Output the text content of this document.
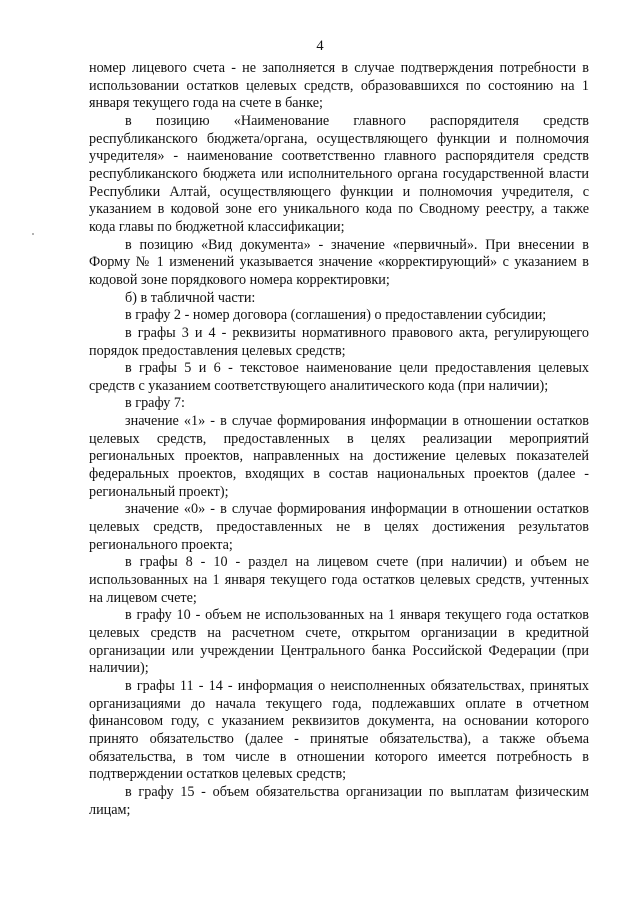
4

номер лицевого счета - не заполняется в случае подтверждения потребности в использовании остатков целевых средств, образовавшихся по состоянию на 1 января текущего года на счете в банке;

в позицию «Наименование главного распорядителя средств республиканского бюджета/органа, осуществляющего функции и полномочия учредителя» - наименование соответственно главного распорядителя средств республиканского бюджета или исполнительного органа государственной власти Республики Алтай, осуществляющего функции и полномочия учредителя, с указанием в кодовой зоне его уникального кода по Сводному реестру, а также кода главы по бюджетной классификации;

в позицию «Вид документа» - значение «первичный». При внесении в Форму № 1 изменений указывается значение «корректирующий» с указанием в кодовой зоне порядкового номера корректировки;

б) в табличной части:

в графу 2 - номер договора (соглашения) о предоставлении субсидии;

в графы 3 и 4 - реквизиты нормативного правового акта, регулирующего порядок предоставления целевых средств;

в графы 5 и 6 - текстовое наименование цели предоставления целевых средств с указанием соответствующего аналитического кода (при наличии);

в графу 7:

значение «1» - в случае формирования информации в отношении остатков целевых средств, предоставленных в целях реализации мероприятий региональных проектов, направленных на достижение целевых показателей федеральных проектов, входящих в состав национальных проектов (далее - региональный проект);

значение «0» - в случае формирования информации в отношении остатков целевых средств, предоставленных не в целях достижения результатов регионального проекта;

в графы 8 - 10 - раздел на лицевом счете (при наличии) и объем не использованных на 1 января текущего года остатков целевых средств, учтенных на лицевом счете;

в графу 10 - объем не использованных на 1 января текущего года остатков целевых средств на расчетном счете, открытом организации в кредитной организации или учреждении Центрального банка Российской Федерации (при наличии);

в графы 11 - 14 - информация о неисполненных обязательствах, принятых организациями до начала текущего года, подлежавших оплате в отчетном финансовом году, с указанием реквизитов документа, на основании которого принято обязательство (далее - принятые обязательства), а также объема обязательства, в том числе в отношении которого имеется потребность в подтверждении остатков целевых средств;

в графу 15 - объем обязательства организации по выплатам физическим лицам;
